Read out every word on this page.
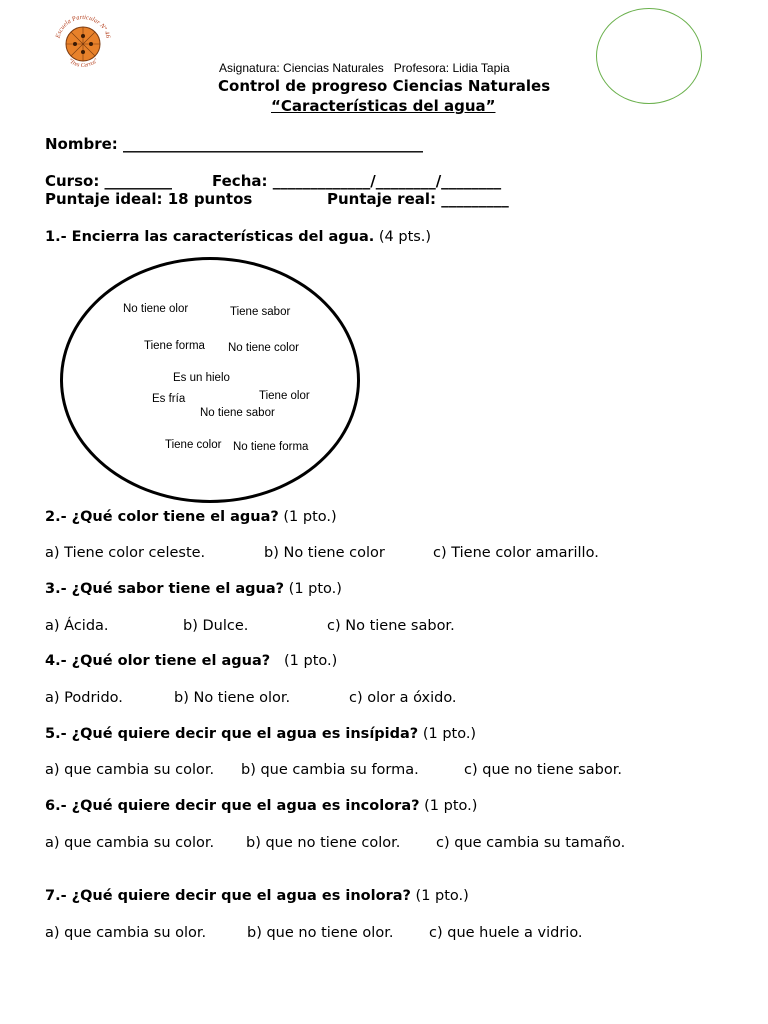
Escuela Particular Nº 46
"Tres Cerros"
Asignatura: Ciencias Naturales Profesora: Lidia Tapia
Control de progreso Ciencias Naturales
“Características del agua”
Nombre: ________________________________________
Curso: _________	Fecha: _____________/________/________
Puntaje ideal: 18 puntos	Puntaje real: _________
1.- Encierra las características del agua. (4 pts.)
No tiene olor	Tiene sabor
Tiene forma No tiene color
Es un hielo
Es fría	Tiene olor
No tiene sabor
Tiene color No tiene forma
2.- ¿Qué color tiene el agua? (1 pto.)
a) Tiene color celeste.	b) No tiene color	c) Tiene color amarillo.
3.- ¿Qué sabor tiene el agua? (1 pto.)
a) Ácida.	b) Dulce.	c) No tiene sabor.
4.- ¿Qué olor tiene el agua? (1 pto.)
a) Podrido.	b) No tiene olor.	c) olor a óxido.
5.- ¿Qué quiere decir que el agua es insípida? (1 pto.)
a) que cambia su color. b) que cambia su forma.	c) que no tiene sabor.
6.- ¿Qué quiere decir que el agua es incolora? (1 pto.)
a) que cambia su color. b) que no tiene color. c) que cambia su tamaño.
7.- ¿Qué quiere decir que el agua es inolora? (1 pto.)
a) que cambia su olor.	b) que no tiene olor. c) que huele a vidrio.
